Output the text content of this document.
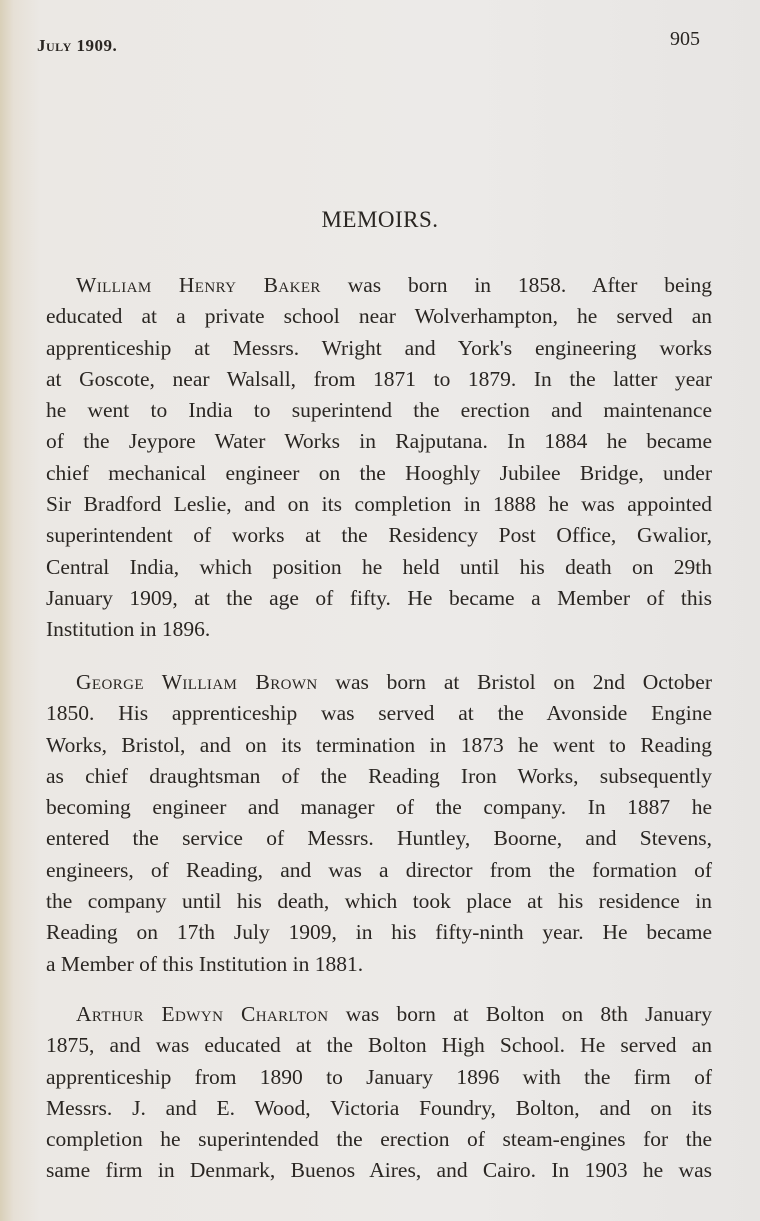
July 1909.	905
MEMOIRS.
William Henry Baker was born in 1858. After being
educated at a private school near Wolverhampton, he served an
apprenticeship at Messrs. Wright and York's engineering works
at Goscote, near Walsall, from 1871 to 1879. In the latter year
he went to India to superintend the erection and maintenance
of the Jeypore Water Works in Rajputana. In 1884 he became
chief mechanical engineer on the Hooghly Jubilee Bridge, under
Sir Bradford Leslie, and on its completion in 1888 he was appointed
superintendent of works at the Residency Post Office, Gwalior,
Central India, which position he held until his death on 29th
January 1909, at the age of fifty. He became a Member of this
Institution in 1896.
George William Brown was born at Bristol on 2nd October
1850. His apprenticeship was served at the Avonside Engine
Works, Bristol, and on its termination in 1873 he went to Reading
as chief draughtsman of the Reading Iron Works, subsequently
becoming engineer and manager of the company. In 1887 he
entered the service of Messrs. Huntley, Boorne, and Stevens,
engineers, of Reading, and was a director from the formation of
the company until his death, which took place at his residence in
Reading on 17th July 1909, in his fifty-ninth year. He became
a Member of this Institution in 1881.
Arthur Edwyn Charlton was born at Bolton on 8th January
1875, and was educated at the Bolton High School. He served an
apprenticeship from 1890 to January 1896 with the firm of
Messrs. J. and E. Wood, Victoria Foundry, Bolton, and on its
completion he superintended the erection of steam-engines for the
same firm in Denmark, Buenos Aires, and Cairo. In 1903 he was
